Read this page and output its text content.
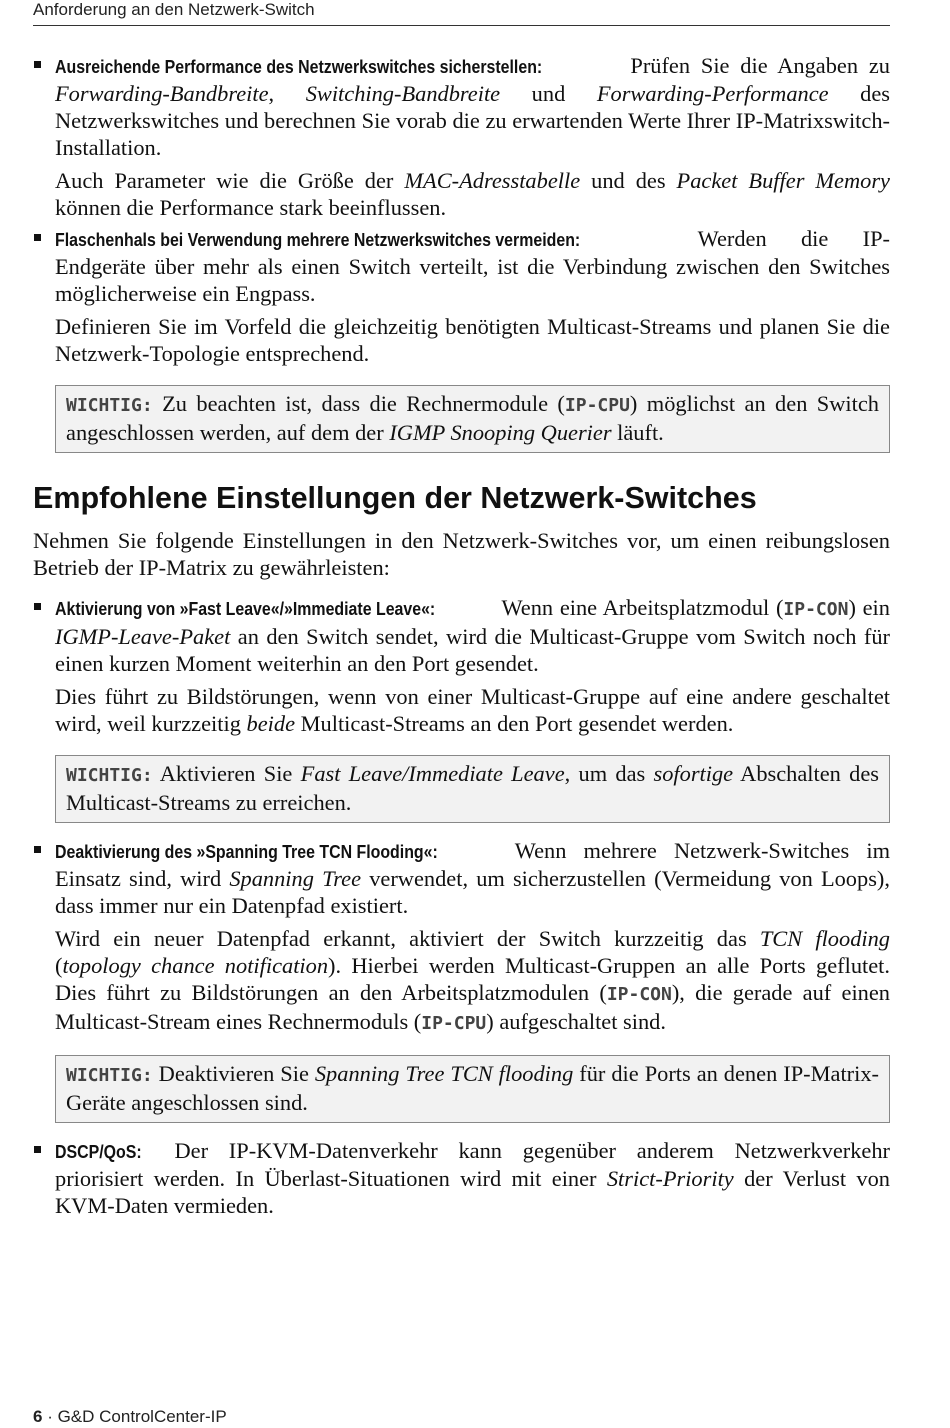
Anforderung an den Netzwerk-Switch

Ausreichende Performance des Netzwerkswitches sicherstellen:	Prüfen Sie die Angaben zu Forwarding-Bandbreite, Switching-Bandbreite und Forwarding-Performance des Netzwerkswitches und berechnen Sie vorab die zu erwartenden Werte Ihrer IP-Matrixswitch-Installation.

Auch Parameter wie die Größe der MAC-Adresstabelle und des Packet Buffer Memory können die Performance stark beeinflussen.

Flaschenhals bei Verwendung mehrere Netzwerkswitches vermeiden:	Werden die IP-Endgeräte über mehr als einen Switch verteilt, ist die Verbindung zwischen den Switches möglicherweise ein Engpass.

Definieren Sie im Vorfeld die gleichzeitig benötigten Multicast-Streams und planen Sie die Netzwerk-Topologie entsprechend.

WICHTIG: Zu beachten ist, dass die Rechnermodule (IP-CPU) möglichst an den Switch angeschlossen werden, auf dem der IGMP Snooping Querier läuft.

Empfohlene Einstellungen der Netzwerk-Switches

Nehmen Sie folgende Einstellungen in den Netzwerk-Switches vor, um einen reibungslosen Betrieb der IP-Matrix zu gewährleisten:

Aktivierung von »Fast Leave«/»Immediate Leave«:	Wenn eine Arbeitsplatzmodul (IP-CON) ein IGMP-Leave-Paket an den Switch sendet, wird die Multicast-Gruppe vom Switch noch für einen kurzen Moment weiterhin an den Port gesendet.

Dies führt zu Bildstörungen, wenn von einer Multicast-Gruppe auf eine andere geschaltet wird, weil kurzzeitig beide Multicast-Streams an den Port gesendet werden.

WICHTIG: Aktivieren Sie Fast Leave/Immediate Leave, um das sofortige Abschalten des Multicast-Streams zu erreichen.

Deaktivierung des »Spanning Tree TCN Flooding«:	Wenn mehrere Netzwerk-Switches im Einsatz sind, wird Spanning Tree verwendet, um sicherzustellen (Vermeidung von Loops), dass immer nur ein Datenpfad existiert.

Wird ein neuer Datenpfad erkannt, aktiviert der Switch kurzzeitig das TCN flooding (topology chance notification). Hierbei werden Multicast-Gruppen an alle Ports geflutet. Dies führt zu Bildstörungen an den Arbeitsplatzmodulen (IP-CON), die gerade auf einen Multicast-Stream eines Rechnermoduls (IP-CPU) aufgeschaltet sind.

WICHTIG: Deaktivieren Sie Spanning Tree TCN flooding für die Ports an denen IP-Matrix-Geräte angeschlossen sind.

DSCP/QoS: Der IP-KVM-Datenverkehr kann gegenüber anderem Netzwerkverkehr priorisiert werden. In Überlast-Situationen wird mit einer Strict-Priority der Verlust von KVM-Daten vermieden.

6 · G&D ControlCenter-IP
